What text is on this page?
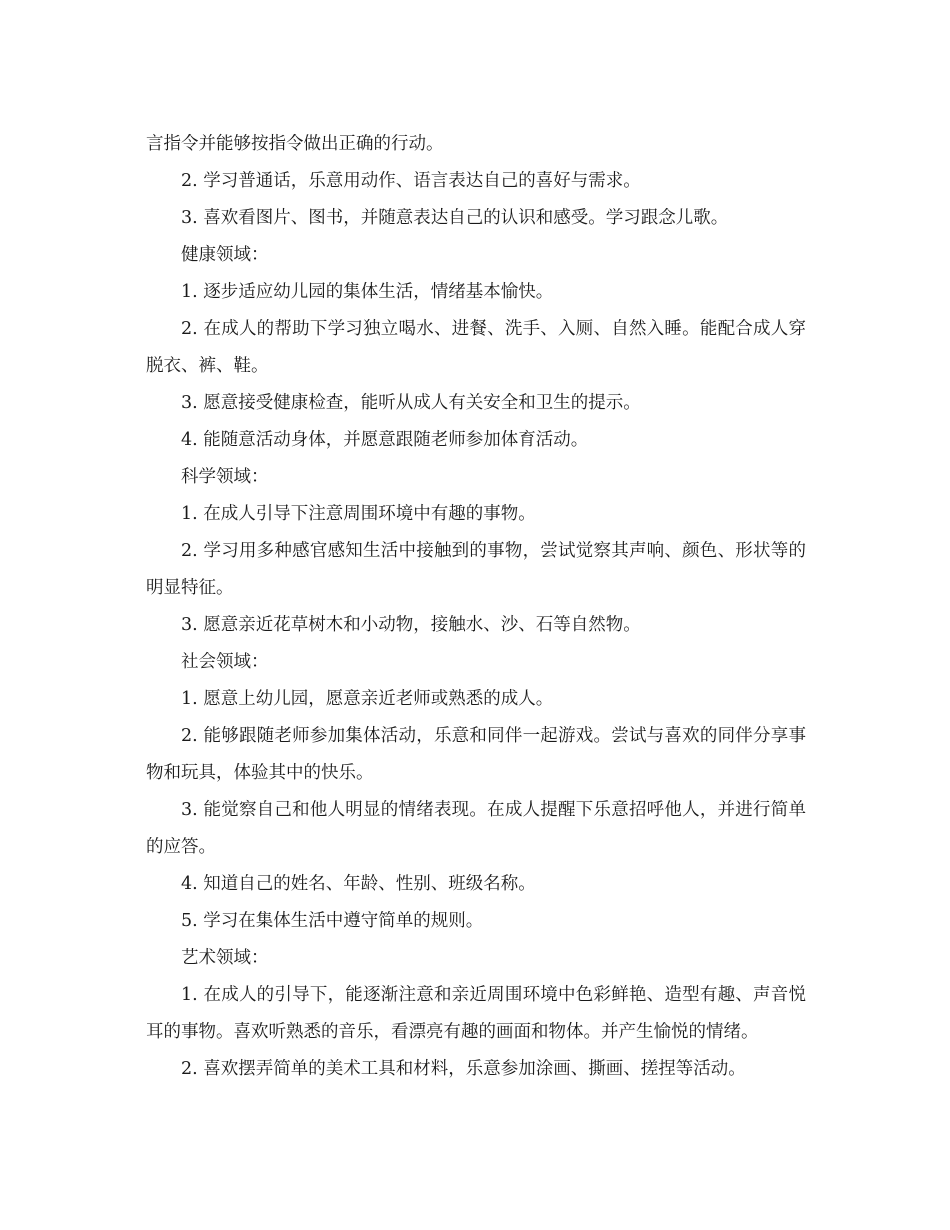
言指令并能够按指令做出正确的行动。

2. 学习普通话，乐意用动作、语言表达自己的喜好与需求。

3. 喜欢看图片、图书，并随意表达自己的认识和感受。学习跟念儿歌。

健康领域：

1. 逐步适应幼儿园的集体生活，情绪基本愉快。

2. 在成人的帮助下学习独立喝水、进餐、洗手、入厕、自然入睡。能配合成人穿脱衣、裤、鞋。

3. 愿意接受健康检查，能听从成人有关安全和卫生的提示。

4. 能随意活动身体，并愿意跟随老师参加体育活动。

科学领域：

1. 在成人引导下注意周围环境中有趣的事物。

2. 学习用多种感官感知生活中接触到的事物，尝试觉察其声响、颜色、形状等的明显特征。

3. 愿意亲近花草树木和小动物，接触水、沙、石等自然物。

社会领域：

1. 愿意上幼儿园，愿意亲近老师或熟悉的成人。

2. 能够跟随老师参加集体活动，乐意和同伴一起游戏。尝试与喜欢的同伴分享事物和玩具，体验其中的快乐。

3. 能觉察自己和他人明显的情绪表现。在成人提醒下乐意招呼他人，并进行简单的应答。

4. 知道自己的姓名、年龄、性别、班级名称。

5. 学习在集体生活中遵守简单的规则。

艺术领域：

1. 在成人的引导下，能逐渐注意和亲近周围环境中色彩鲜艳、造型有趣、声音悦耳的事物。喜欢听熟悉的音乐，看漂亮有趣的画面和物体。并产生愉悦的情绪。

2. 喜欢摆弄简单的美术工具和材料，乐意参加涂画、撕画、搓捏等活动。
